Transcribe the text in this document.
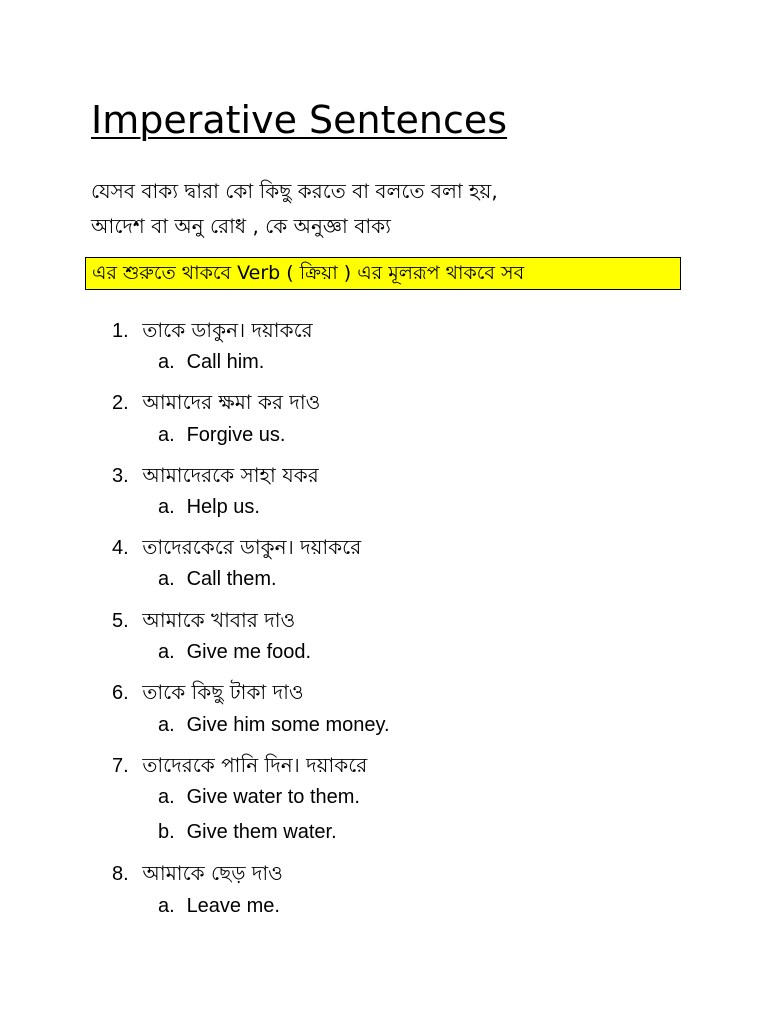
Imperative Sentences

যেসব বাক্য দ্বারা কো কিছু করতে বা বলতে বলা হয়,
আদেশ বা অনু রোধ , কে অনুজ্ঞা বাক্য

এর শুরুতে থাকবে Verb ( ক্রিয়া ) এর মূলরূপ থাকবে সব
1. তাকে ডাকুন। দয়াকরে
a. Call him.
2. আমাদের ক্ষমা কর দাও
a. Forgive us.
3. আমাদেরকে সাহা যকর
a. Help us.
4. তাদেরকেরে ডাকুন। দয়াকরে
a. Call them.
5. আমাকে খাবার দাও
a. Give me food.
6. তাকে কিছু টাকা দাও
a. Give him some money.
7. তাদেরকে পানি দিন। দয়াকরে
a. Give water to them.
b. Give them water.
8. আমাকে ছেড় দাও
a. Leave me.
